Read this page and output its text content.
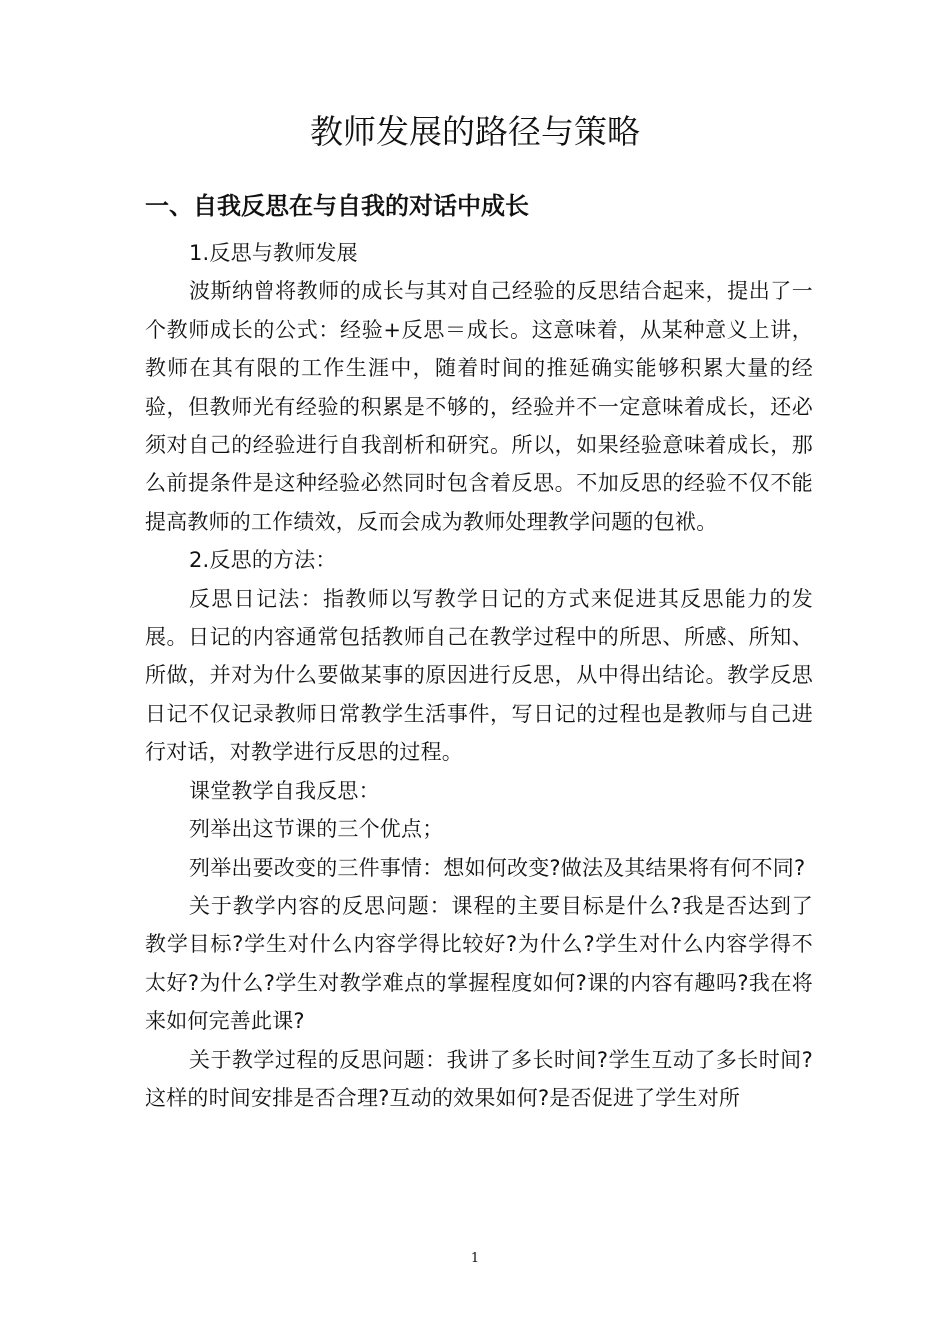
教师发展的路径与策略
一、自我反思在与自我的对话中成长

1.反思与教师发展

波斯纳曾将教师的成长与其对自己经验的反思结合起来，提出了一个教师成长的公式：经验+反思＝成长。这意味着，从某种意义上讲，教师在其有限的工作生涯中，随着时间的推延确实能够积累大量的经验，但教师光有经验的积累是不够的，经验并不一定意味着成长，还必须对自己的经验进行自我剖析和研究。所以，如果经验意味着成长，那么前提条件是这种经验必然同时包含着反思。不加反思的经验不仅不能提高教师的工作绩效，反而会成为教师处理教学问题的包袱。

2.反思的方法：

反思日记法：指教师以写教学日记的方式来促进其反思能力的发展。日记的内容通常包括教师自己在教学过程中的所思、所感、所知、所做，并对为什么要做某事的原因进行反思，从中得出结论。教学反思日记不仅记录教师日常教学生活事件，写日记的过程也是教师与自己进行对话，对教学进行反思的过程。

课堂教学自我反思：

列举出这节课的三个优点；

列举出要改变的三件事情：想如何改变?做法及其结果将有何不同?

关于教学内容的反思问题：课程的主要目标是什么?我是否达到了教学目标?学生对什么内容学得比较好?为什么?学生对什么内容学得不太好?为什么?学生对教学难点的掌握程度如何?课的内容有趣吗?我在将来如何完善此课?

关于教学过程的反思问题：我讲了多长时间?学生互动了多长时间?这样的时间安排是否合理?互动的效果如何?是否促进了学生对所

1
